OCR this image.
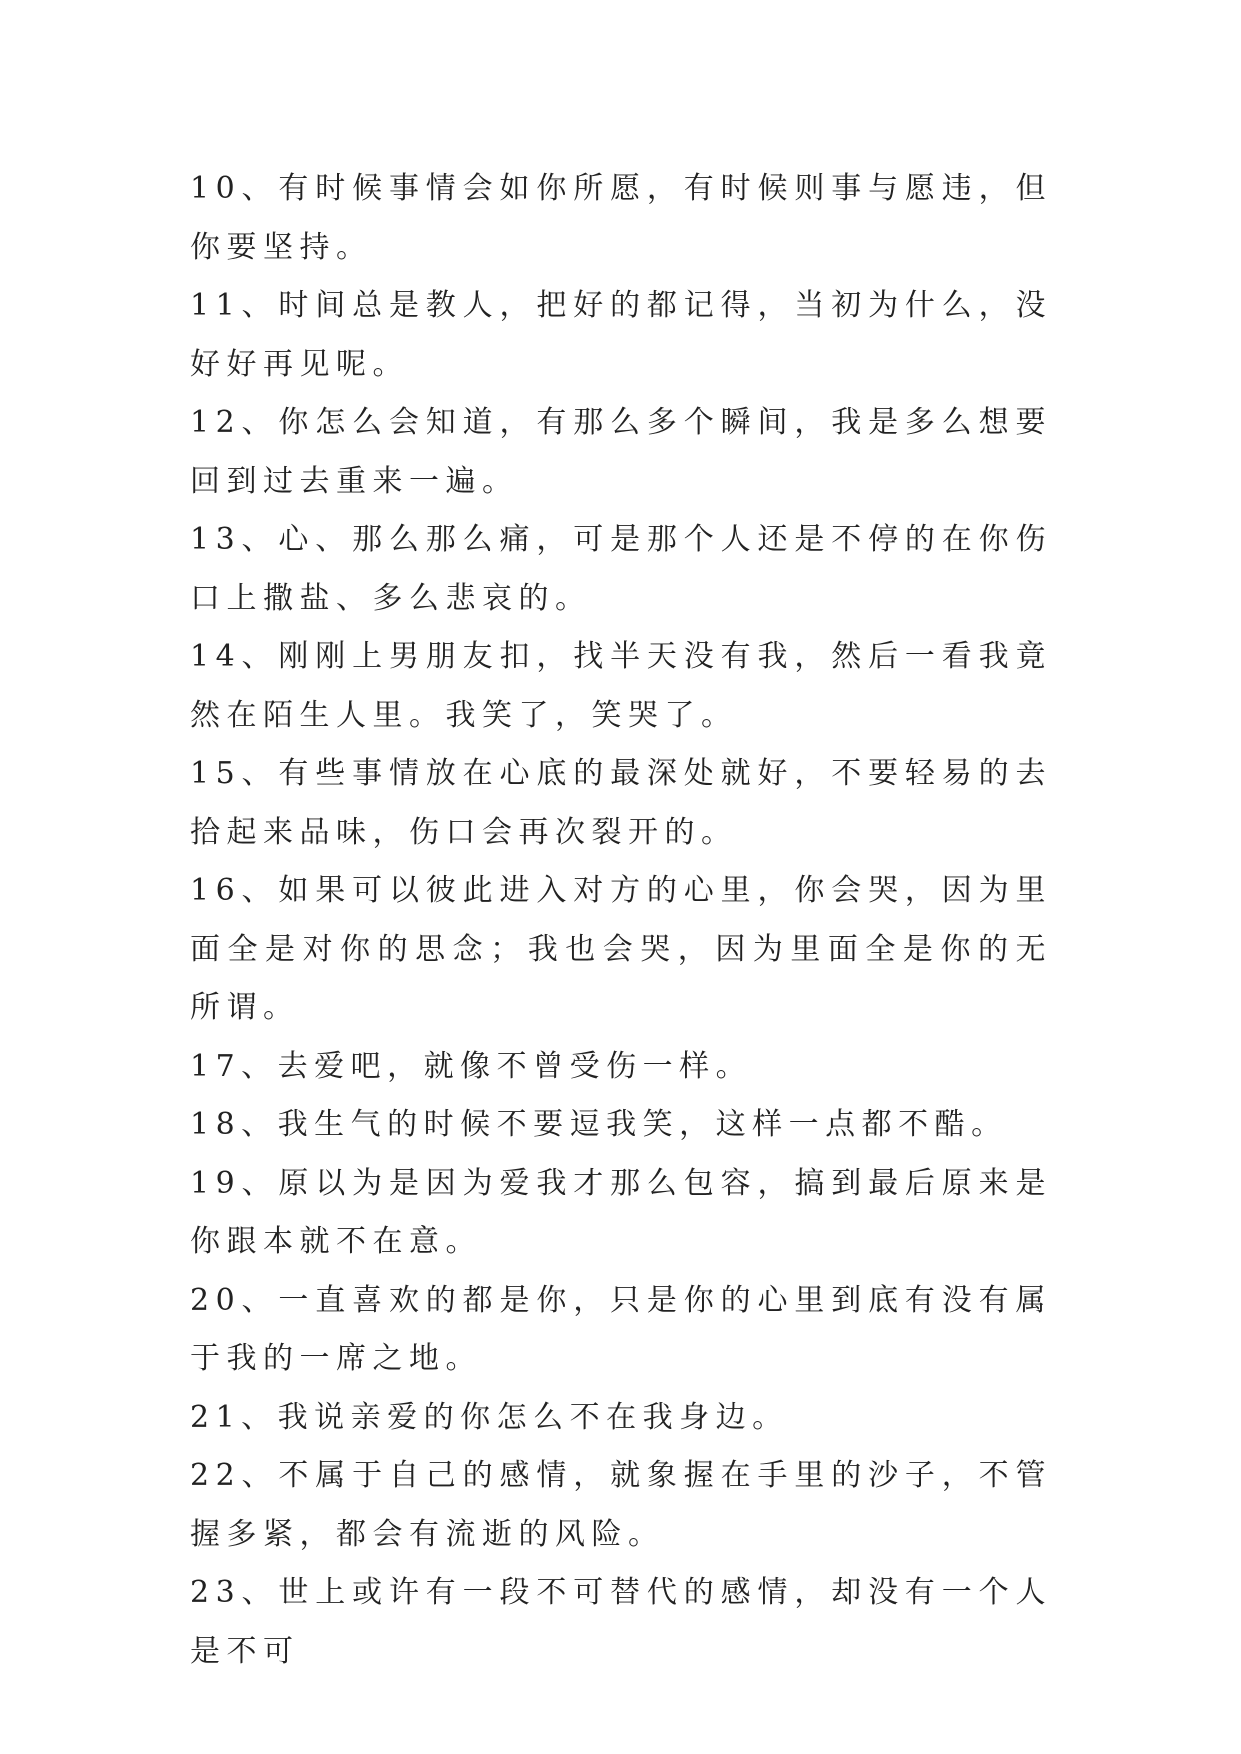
10、有时候事情会如你所愿，有时候则事与愿违，但你要坚持。

11、时间总是教人，把好的都记得，当初为什么，没好好再见呢。

12、你怎么会知道，有那么多个瞬间，我是多么想要回到过去重来一遍。

13、心、那么那么痛，可是那个人还是不停的在你伤口上撒盐、多么悲哀的。

14、刚刚上男朋友扣，找半天没有我，然后一看我竟然在陌生人里。我笑了，笑哭了。

15、有些事情放在心底的最深处就好，不要轻易的去拾起来品味，伤口会再次裂开的。

16、如果可以彼此进入对方的心里，你会哭，因为里面全是对你的思念；我也会哭，因为里面全是你的无所谓。

17、去爱吧，就像不曾受伤一样。

18、我生气的时候不要逗我笑，这样一点都不酷。

19、原以为是因为爱我才那么包容，搞到最后原来是你跟本就不在意。

20、一直喜欢的都是你，只是你的心里到底有没有属于我的一席之地。

21、我说亲爱的你怎么不在我身边。

22、不属于自己的感情，就象握在手里的沙子，不管握多紧，都会有流逝的风险。

23、世上或许有一段不可替代的感情，却没有一个人是不可
